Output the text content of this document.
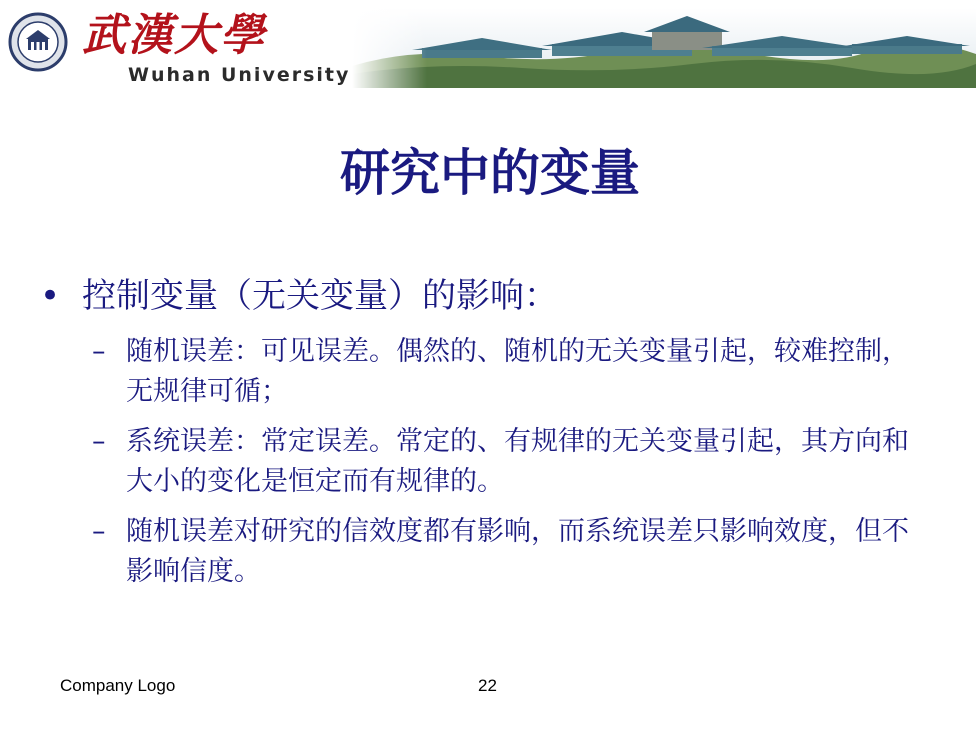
武漢大學
Wuhan University
研究中的变量
• 控制变量（无关变量）的影响：
– 随机误差：可见误差。偶然的、随机的无关变量引起，较难控制，无规律可循；
– 系统误差：常定误差。常定的、有规律的无关变量引起，其方向和大小的变化是恒定而有规律的。
– 随机误差对研究的信效度都有影响，而系统误差只影响效度，但不影响信度。
Company Logo	22
